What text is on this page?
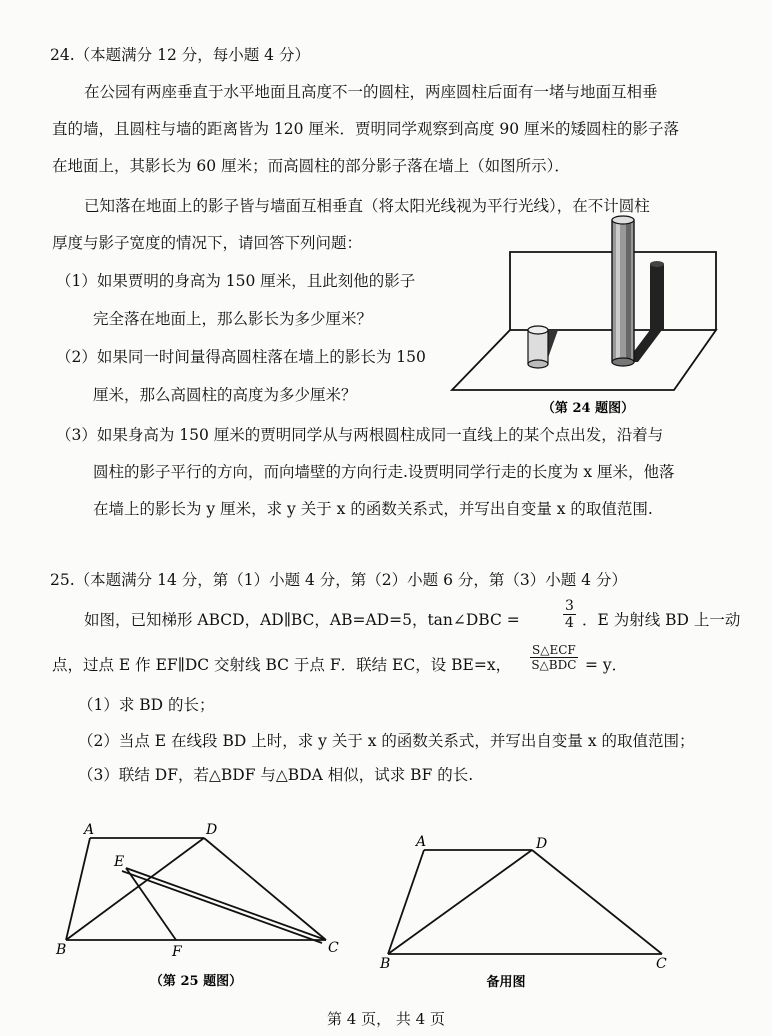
24.（本题满分 12 分，每小题 4 分）
在公园有两座垂直于水平地面且高度不一的圆柱，两座圆柱后面有一堵与地面互相垂
直的墙，且圆柱与墙的距离皆为 120 厘米．贾明同学观察到高度 90 厘米的矮圆柱的影子落
在地面上，其影长为 60 厘米；而高圆柱的部分影子落在墙上（如图所示）．
已知落在地面上的影子皆与墙面互相垂直（将太阳光线视为平行光线），在不计圆柱
厚度与影子宽度的情况下，请回答下列问题：
（1）如果贾明的身高为 150 厘米，且此刻他的影子
完全落在地面上，那么影长为多少厘米？
（2）如果同一时间量得高圆柱落在墙上的影长为 150
厘米，那么高圆柱的高度为多少厘米？
（3）如果身高为 150 厘米的贾明同学从与两根圆柱成同一直线上的某个点出发，沿着与
圆柱的影子平行的方向，而向墙壁的方向行走.设贾明同学行走的长度为 x 厘米，他落
在墙上的影长为 y 厘米，求 y 关于 x 的函数关系式，并写出自变量 x 的取值范围.
（第 24 题图）
25.（本题满分 14 分，第（1）小题 4 分，第（2）小题 6 分，第（3）小题 4 分）
如图，已知梯形 ABCD，AD∥BC，AB=AD=5，tan∠DBC =	$\frac{3}{4}$ ．E 为射线 BD 上一动
点，过点 E 作 EF∥DC 交射线 BC 于点 F．联结 EC，设 BE=x，
S△ECF
S△BDC = y．
（1）求 BD 的长；
（2）当点 E 在线段 BD 上时，求 y 关于 x 的函数关系式，并写出自变量 x 的取值范围；
（3）联结 DF，若△BDF 与△BDA 相似，试求 BF 的长.
A	D
E
B	F	C
（第 25 题图）
A	D
B	C
备用图
第 4 页， 共 4 页
